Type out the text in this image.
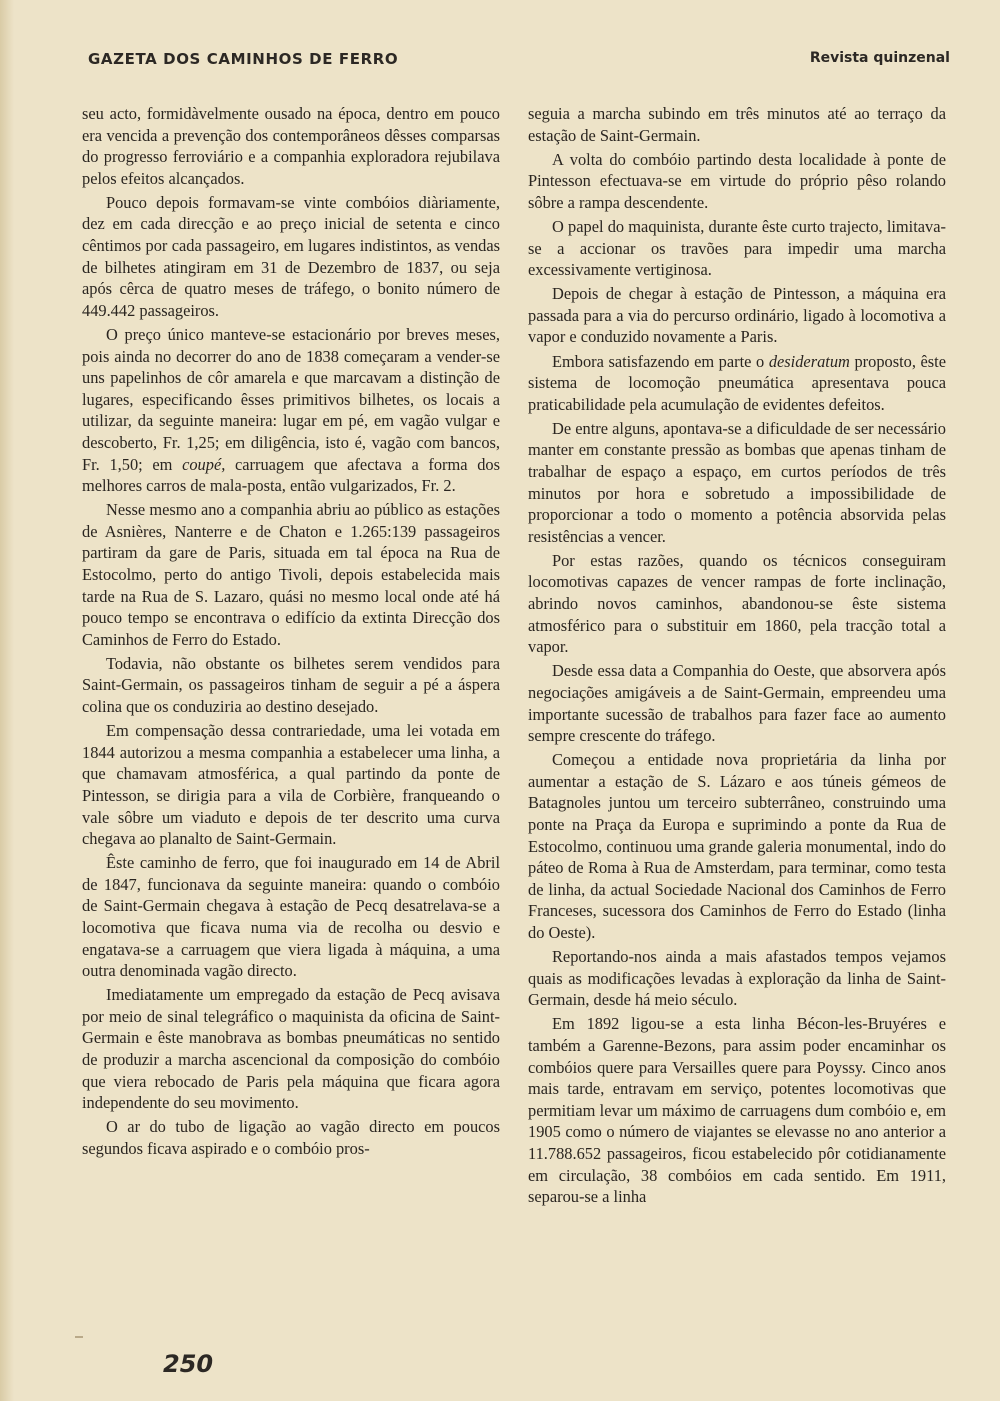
GAZETA DOS CAMINHOS DE FERRO	Revista quinzenal

seu acto, formidàvelmente ousado na época, dentro em pouco era vencida a prevenção dos contemporâneos dêsses comparsas do progresso ferroviário e a companhia exploradora rejubilava pelos efeitos alcançados.

Pouco depois formavam-se vinte combóios diàriamente, dez em cada direcção e ao preço inicial de setenta e cinco cêntimos por cada passageiro, em lugares indistintos, as vendas de bilhetes atingiram em 31 de Dezembro de 1837, ou seja após cêrca de quatro meses de tráfego, o bonito número de 449.442 passageiros.

O preço único manteve-se estacionário por breves meses, pois ainda no decorrer do ano de 1838 começaram a vender-se uns papelinhos de côr amarela e que marcavam a distinção de lugares, especificando êsses primitivos bilhetes, os locais a utilizar, da seguinte maneira: lugar em pé, em vagão vulgar e descoberto, Fr. 1,25; em diligência, isto é, vagão com bancos, Fr. 1,50; em coupé, carruagem que afectava a forma dos melhores carros de mala-posta, então vulgarizados, Fr. 2.

Nesse mesmo ano a companhia abriu ao público as estações de Asnières, Nanterre e de Chaton e 1.265:139 passageiros partiram da gare de Paris, situada em tal época na Rua de Estocolmo, perto do antigo Tivoli, depois estabelecida mais tarde na Rua de S. Lazaro, quási no mesmo local onde até há pouco tempo se encontrava o edifício da extinta Direcção dos Caminhos de Ferro do Estado.

Todavia, não obstante os bilhetes serem vendidos para Saint-Germain, os passageiros tinham de seguir a pé a áspera colina que os conduziria ao destino desejado.

Em compensação dessa contrariedade, uma lei votada em 1844 autorizou a mesma companhia a estabelecer uma linha, a que chamavam atmosférica, a qual partindo da ponte de Pintesson, se dirigia para a vila de Corbière, franqueando o vale sôbre um viaduto e depois de ter descrito uma curva chegava ao planalto de Saint-Germain.

Êste caminho de ferro, que foi inaugurado em 14 de Abril de 1847, funcionava da seguinte maneira: quando o combóio de Saint-Germain chegava à estação de Pecq desatrelava-se a locomotiva que ficava numa via de recolha ou desvio e engatava-se a carruagem que viera ligada à máquina, a uma outra denominada vagão directo.

Imediatamente um empregado da estação de Pecq avisava por meio de sinal telegráfico o maquinista da oficina de Saint-Germain e êste manobrava as bombas pneumáticas no sentido de produzir a marcha ascencional da composição do combóio que viera rebocado de Paris pela máquina que ficara agora independente do seu movimento.

O ar do tubo de ligação ao vagão directo em poucos segundos ficava aspirado e o combóio pros-

seguia a marcha subindo em três minutos até ao terraço da estação de Saint-Germain.

A volta do combóio partindo desta localidade à ponte de Pintesson efectuava-se em virtude do próprio pêso rolando sôbre a rampa descendente.

O papel do maquinista, durante êste curto trajecto, limitava-se a accionar os travões para impedir uma marcha excessivamente vertiginosa.

Depois de chegar à estação de Pintesson, a máquina era passada para a via do percurso ordinário, ligado à locomotiva a vapor e conduzido novamente a Paris.

Embora satisfazendo em parte o desideratum proposto, êste sistema de locomoção pneumática apresentava pouca praticabilidade pela acumulação de evidentes defeitos.

De entre alguns, apontava-se a dificuldade de ser necessário manter em constante pressão as bombas que apenas tinham de trabalhar de espaço a espaço, em curtos períodos de três minutos por hora e sobretudo a impossibilidade de proporcionar a todo o momento a potência absorvida pelas resistências a vencer.

Por estas razões, quando os técnicos conseguiram locomotivas capazes de vencer rampas de forte inclinação, abrindo novos caminhos, abandonou-se êste sistema atmosférico para o substituir em 1860, pela tracção total a vapor.

Desde essa data a Companhia do Oeste, que absorvera após negociações amigáveis a de Saint-Germain, empreendeu uma importante sucessão de trabalhos para fazer face ao aumento sempre crescente do tráfego.

Começou a entidade nova proprietária da linha por aumentar a estação de S. Lázaro e aos túneis gémeos de Batagnoles juntou um terceiro subterrâneo, construindo uma ponte na Praça da Europa e suprimindo a ponte da Rua de Estocolmo, continuou uma grande galeria monumental, indo do páteo de Roma à Rua de Amsterdam, para terminar, como testa de linha, da actual Sociedade Nacional dos Caminhos de Ferro Franceses, sucessora dos Caminhos de Ferro do Estado (linha do Oeste).

Reportando-nos ainda a mais afastados tempos vejamos quais as modificações levadas à exploração da linha de Saint-Germain, desde há meio século.

Em 1892 ligou-se a esta linha Bécon-les-Bruyéres e também a Garenne-Bezons, para assim poder encaminhar os combóios quere para Versailles quere para Poyssy. Cinco anos mais tarde, entravam em serviço, potentes locomotivas que permitiam levar um máximo de carruagens dum combóio e, em 1905 como o número de viajantes se elevasse no ano anterior a 11.788.652 passageiros, ficou estabelecido pôr cotidianamente em circulação, 38 combóios em cada sentido. Em 1911, separou-se a linha

250
